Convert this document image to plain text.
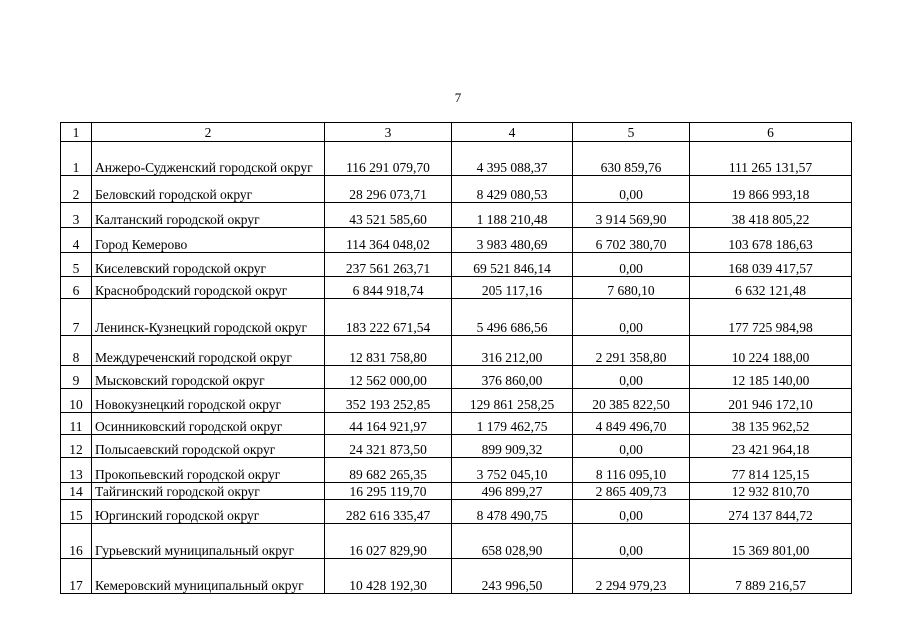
7
1	2	3	4	5	6
1	Анжеро-Судженский городской округ	116 291 079,70	4 395 088,37	630 859,76	111 265 131,57
2	Беловский городской округ	28 296 073,71	8 429 080,53	0,00	19 866 993,18
3	Калтанский городской округ	43 521 585,60	1 188 210,48	3 914 569,90	38 418 805,22
4	Город Кемерово	114 364 048,02	3 983 480,69	6 702 380,70	103 678 186,63
5	Киселевский городской округ	237 561 263,71	69 521 846,14	0,00	168 039 417,57
6	Краснобродский городской округ	6 844 918,74	205 117,16	7 680,10	6 632 121,48
7	Ленинск-Кузнецкий городской округ	183 222 671,54	5 496 686,56	0,00	177 725 984,98
8	Междуреченский городской округ	12 831 758,80	316 212,00	2 291 358,80	10 224 188,00
9	Мысковский городской округ	12 562 000,00	376 860,00	0,00	12 185 140,00
10	Новокузнецкий городской округ	352 193 252,85	129 861 258,25	20 385 822,50	201 946 172,10
11	Осинниковский городской округ	44 164 921,97	1 179 462,75	4 849 496,70	38 135 962,52
12	Полысаевский городской округ	24 321 873,50	899 909,32	0,00	23 421 964,18
13	Прокопьевский городской округ	89 682 265,35	3 752 045,10	8 116 095,10	77 814 125,15
14	Тайгинский городской округ	16 295 119,70	496 899,27	2 865 409,73	12 932 810,70
15	Юргинский городской округ	282 616 335,47	8 478 490,75	0,00	274 137 844,72
16	Гурьевский муниципальный округ	16 027 829,90	658 028,90	0,00	15 369 801,00
17	Кемеровский муниципальный округ	10 428 192,30	243 996,50	2 294 979,23	7 889 216,57
